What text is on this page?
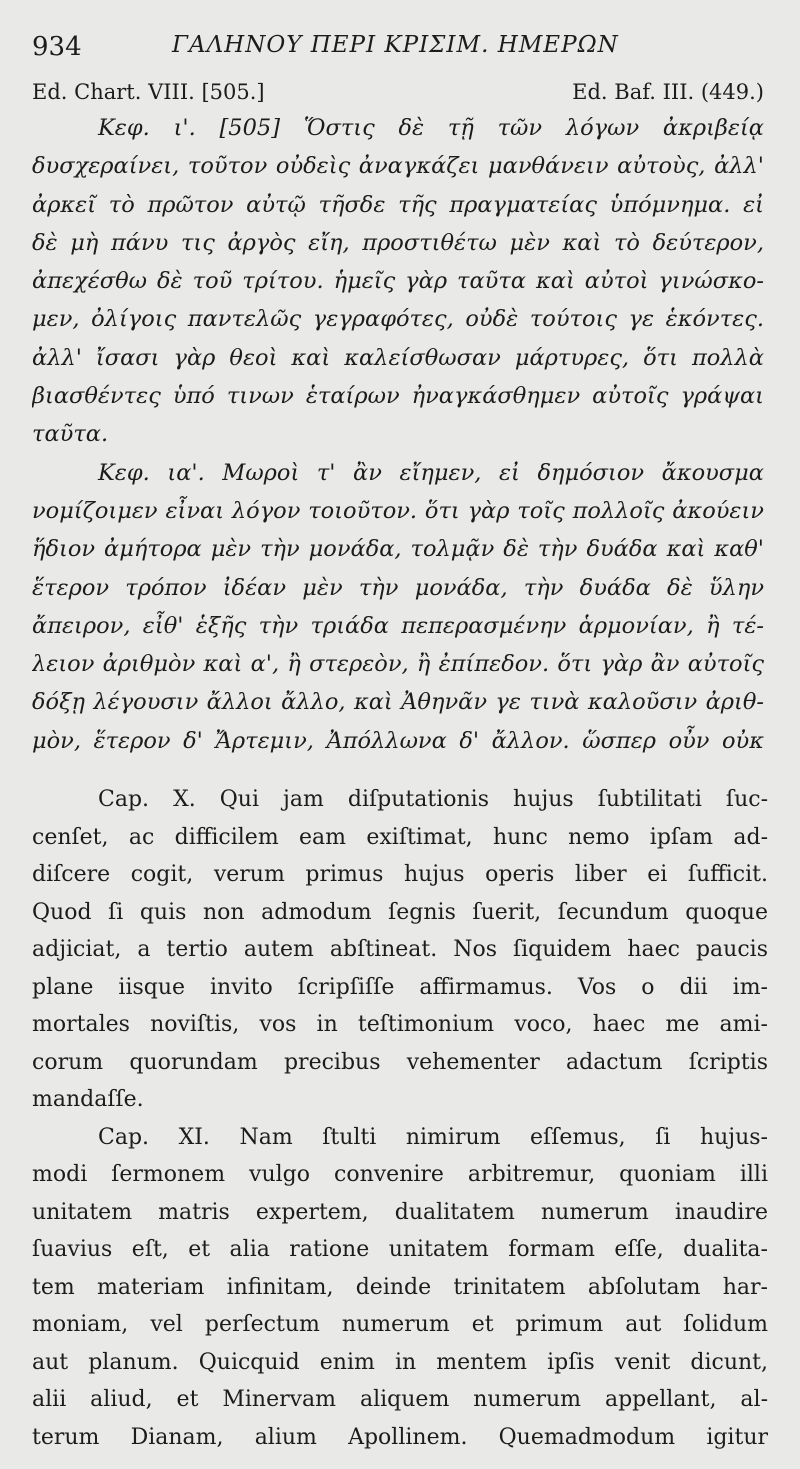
934	ΓΑΛΗΝΟΥ ΠΕΡΙ ΚΡΙΣΙΜ. ΗΜΕΡΩΝ
Ed. Chart. VIII. [505.]	Ed. Baf. III. (449.)
Κεφ. ι'. [505] Ὅστις δὲ τῇ τῶν λόγων ἀκριβείᾳ
δυσχεραίνει, τοῦτον οὐδεὶς ἀναγκάζει μανθάνειν αὐτοὺς, ἀλλ'
ἀρκεῖ τὸ πρῶτον αὐτῷ τῆσδε τῆς πραγματείας ὑπόμνημα. εἰ
δὲ μὴ πάνυ τις ἀργὸς εἴη, προστιθέτω μὲν καὶ τὸ δεύτερον,
ἀπεχέσθω δὲ τοῦ τρίτου. ἡμεῖς γὰρ ταῦτα καὶ αὐτοὶ γινώσκο-
μεν, ὀλίγοις παντελῶς γεγραφότες, οὐδὲ τούτοις γε ἑκόντες.
ἀλλ' ἴσασι γὰρ θεοὶ καὶ καλείσθωσαν μάρτυρες, ὅτι πολλὰ
βιασθέντες ὑπό τινων ἑταίρων ἠναγκάσθημεν αὐτοῖς γράψαι
ταῦτα.
Κεφ. ια'. Μωροὶ τ' ἂν εἴημεν, εἰ δημόσιον ἄκουσμα
νομίζοιμεν εἶναι λόγον τοιοῦτον. ὅτι γὰρ τοῖς πολλοῖς ἀκούειν
ἥδιον ἀμήτορα μὲν τὴν μονάδα, τολμᾷν δὲ τὴν δυάδα καὶ καθ'
ἕτερον τρόπον ἰδέαν μὲν τὴν μονάδα, τὴν δυάδα δὲ ὕλην
ἄπειρον, εἶθ' ἑξῆς τὴν τριάδα πεπερασμένην ἁρμονίαν, ἢ τέ-
λειον ἀριθμὸν καὶ α', ἢ στερεὸν, ἢ ἐπίπεδον. ὅτι γὰρ ἂν αὐτοῖς
δόξῃ λέγουσιν ἄλλοι ἄλλο, καὶ Ἀθηνᾶν γε τινὰ καλοῦσιν ἀριθ-
μὸν, ἕτερον δ' Ἄρτεμιν, Ἀπόλλωνα δ' ἄλλον. ὥσπερ οὖν οὐκ
Cap. X. Qui jam diſputationis hujus ſubtilitati ſuc-
cenſet, ac difficilem eam exiſtimat, hunc nemo ipſam ad-
diſcere cogit, verum primus hujus operis liber ei ſufficit.
Quod ſi quis non admodum ſegnis ſuerit, ſecundum quoque
adjiciat, a tertio autem abſtineat. Nos ſiquidem haec paucis
plane iisque invito ſcripſiſſe affirmamus. Vos o dii im-
mortales noviſtis, vos in teſtimonium voco, haec me ami-
corum quorundam precibus vehementer adactum ſcriptis
mandaſſe.
Cap. XI. Nam ſtulti nimirum eſſemus, ſi hujus-
modi ſermonem vulgo convenire arbitremur, quoniam illi
unitatem matris expertem, dualitatem numerum inaudire
ſuavius eſt, et alia ratione unitatem formam eſſe, dualita-
tem materiam infinitam, deinde trinitatem abſolutam har-
moniam, vel perſectum numerum et primum aut ſolidum
aut planum. Quicquid enim in mentem ipſis venit dicunt,
alii aliud, et Minervam aliquem numerum appellant, al-
terum Dianam, alium Apollinem. Quemadmodum igitur
